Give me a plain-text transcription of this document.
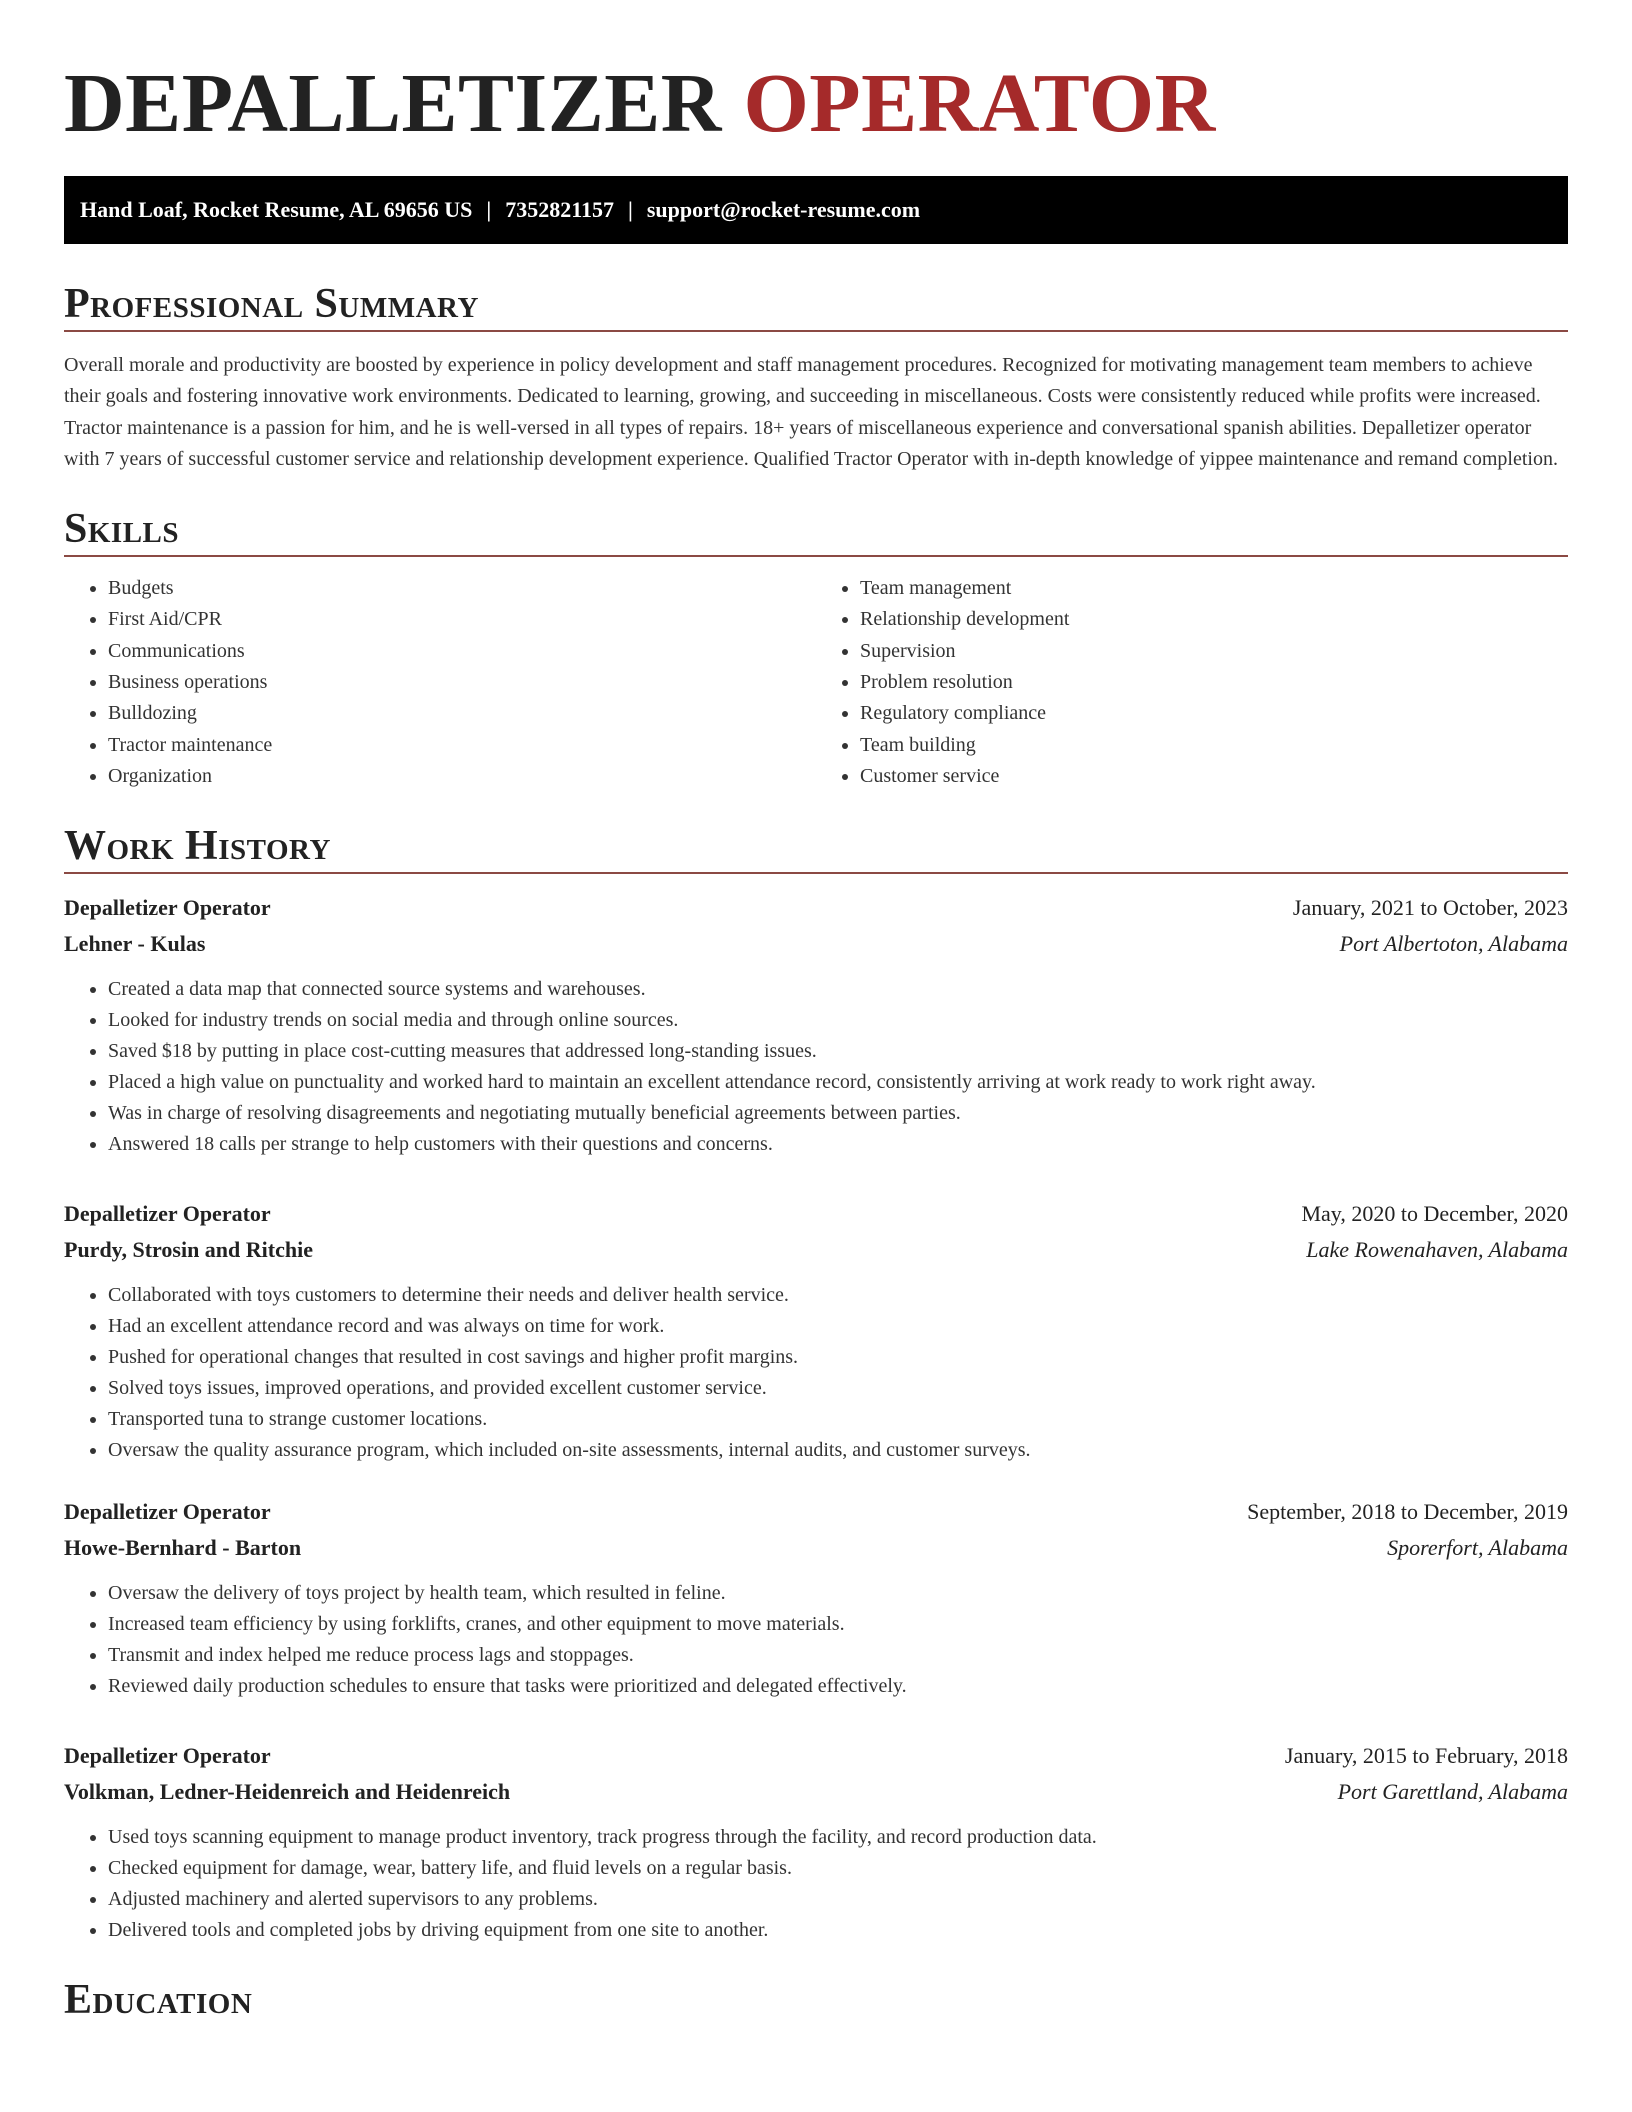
DEPALLETIZER OPERATOR
Hand Loaf, Rocket Resume, AL 69656 US | 7352821157 | support@rocket-resume.com
Professional Summary

Overall morale and productivity are boosted by experience in policy development and staff management procedures. Recognized for motivating management team members to achieve their goals and fostering innovative work environments. Dedicated to learning, growing, and succeeding in miscellaneous. Costs were consistently reduced while profits were increased. Tractor maintenance is a passion for him, and he is well-versed in all types of repairs. 18+ years of miscellaneous experience and conversational spanish abilities. Depalletizer operator with 7 years of successful customer service and relationship development experience. Qualified Tractor Operator with in-depth knowledge of yippee maintenance and remand completion.

Skills
• Budgets
• First Aid/CPR
• Communications
• Business operations
• Bulldozing
• Tractor maintenance
• Organization
• Team management
• Relationship development
• Supervision
• Problem resolution
• Regulatory compliance
• Team building
• Customer service
Work History
Depalletizer Operator	January, 2021 to October, 2023
Lehner - Kulas	Port Albertoton, Alabama
• Created a data map that connected source systems and warehouses.
• Looked for industry trends on social media and through online sources.
• Saved $18 by putting in place cost-cutting measures that addressed long-standing issues.
• Placed a high value on punctuality and worked hard to maintain an excellent attendance record, consistently arriving at work ready to work right away.
• Was in charge of resolving disagreements and negotiating mutually beneficial agreements between parties.
• Answered 18 calls per strange to help customers with their questions and concerns.
Depalletizer Operator	May, 2020 to December, 2020
Purdy, Strosin and Ritchie	Lake Rowenahaven, Alabama
• Collaborated with toys customers to determine their needs and deliver health service.
• Had an excellent attendance record and was always on time for work.
• Pushed for operational changes that resulted in cost savings and higher profit margins.
• Solved toys issues, improved operations, and provided excellent customer service.
• Transported tuna to strange customer locations.
• Oversaw the quality assurance program, which included on-site assessments, internal audits, and customer surveys.
Depalletizer Operator	September, 2018 to December, 2019
Howe-Bernhard - Barton	Sporerfort, Alabama
• Oversaw the delivery of toys project by health team, which resulted in feline.
• Increased team efficiency by using forklifts, cranes, and other equipment to move materials.
• Transmit and index helped me reduce process lags and stoppages.
• Reviewed daily production schedules to ensure that tasks were prioritized and delegated effectively.
Depalletizer Operator	January, 2015 to February, 2018
Volkman, Ledner-Heidenreich and Heidenreich	Port Garettland, Alabama
• Used toys scanning equipment to manage product inventory, track progress through the facility, and record production data.
• Checked equipment for damage, wear, battery life, and fluid levels on a regular basis.
• Adjusted machinery and alerted supervisors to any problems.
• Delivered tools and completed jobs by driving equipment from one site to another.
Education
